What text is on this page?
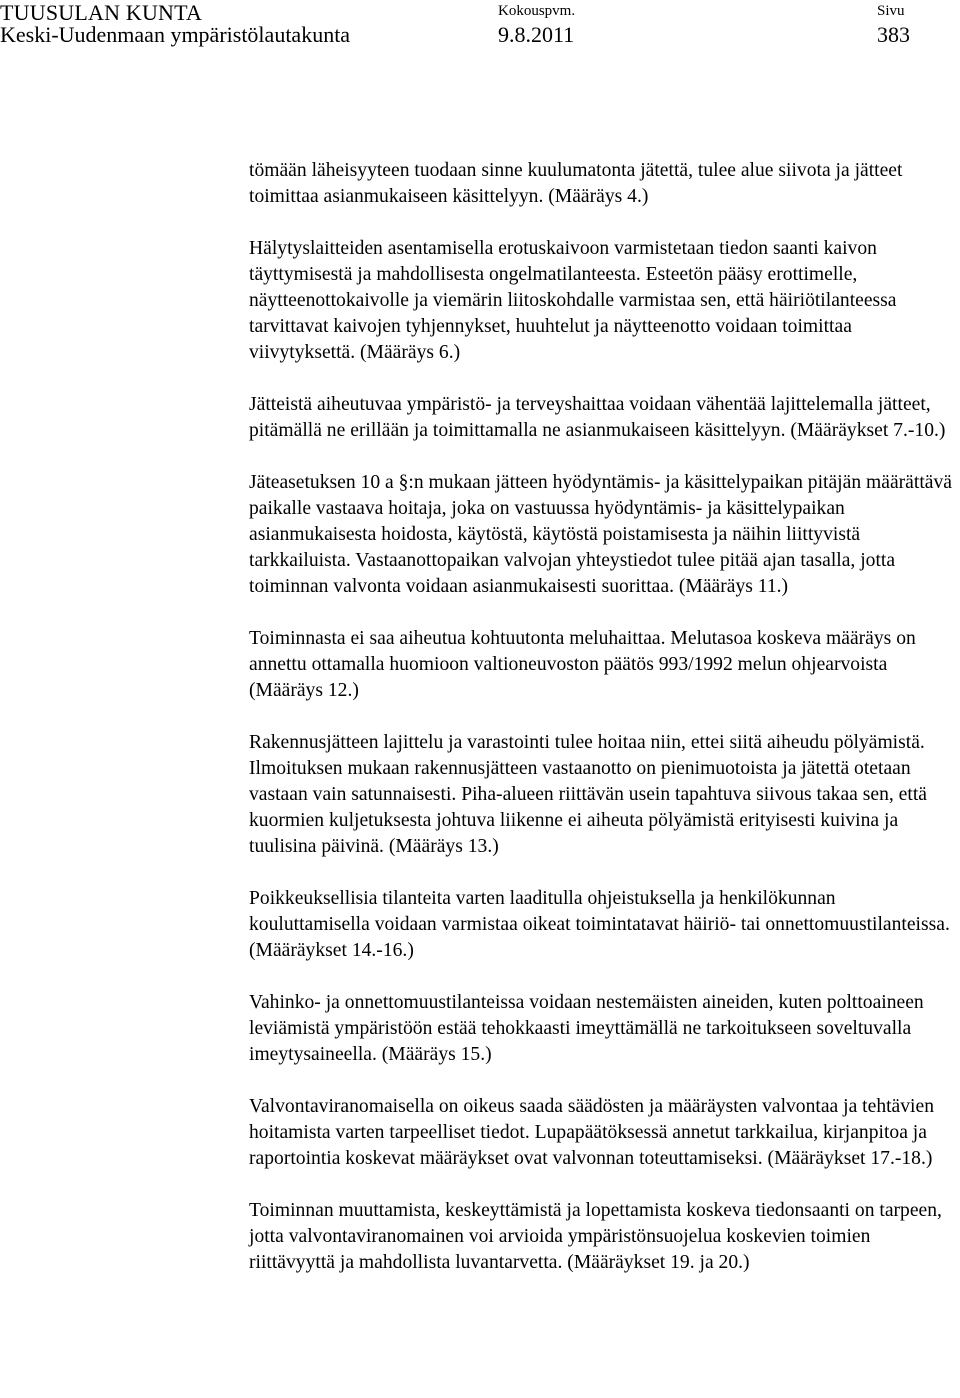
TUUSULAN KUNTA
Keski-Uudenmaan ympäristölautakunta
Kokouspvm.
9.8.2011
Sivu
383

tömään läheisyyteen tuodaan sinne kuulumatonta jätettä, tulee alue siivota ja jätteet toimittaa asianmukaiseen käsittelyyn. (Määräys 4.)

Hälytyslaitteiden asentamisella erotuskaivoon varmistetaan tiedon saanti kaivon täyttymisestä ja mahdollisesta ongelmatilanteesta. Esteetön pääsy erottimelle, näytteenottokaivolle ja viemärin liitoskohdalle varmistaa sen, että häiriötilanteessa tarvittavat kaivojen tyhjennykset, huuhtelut ja näytteenotto voidaan toimittaa viivytyksettä. (Määräys 6.)

Jätteistä aiheutuvaa ympäristö- ja terveyshaittaa voidaan vähentää lajittelemalla jätteet, pitämällä ne erillään ja toimittamalla ne asianmukaiseen käsittelyyn. (Määräykset 7.-10.)

Jäteasetuksen 10 a §:n mukaan jätteen hyödyntämis- ja käsittelypaikan pitäjän määrättävä paikalle vastaava hoitaja, joka on vastuussa hyödyntämis- ja käsittelypaikan asianmukaisesta hoidosta, käytöstä, käytöstä poistamisesta ja näihin liittyvistä tarkkailuista. Vastaanottopaikan valvojan yhteystiedot tulee pitää ajan tasalla, jotta toiminnan valvonta voidaan asianmukaisesti suorittaa. (Määräys 11.)

Toiminnasta ei saa aiheutua kohtuutonta meluhaittaa. Melutasoa koskeva määräys on annettu ottamalla huomioon valtioneuvoston päätös 993/1992 melun ohjearvoista (Määräys 12.)

Rakennusjätteen lajittelu ja varastointi tulee hoitaa niin, ettei siitä aiheudu pölyämistä. Ilmoituksen mukaan rakennusjätteen vastaanotto on pienimuotoista ja jätettä otetaan vastaan vain satunnaisesti. Piha-alueen riittävän usein tapahtuva siivous takaa sen, että kuormien kuljetuksesta johtuva liikenne ei aiheuta pölyämistä erityisesti kuivina ja tuulisina päivinä. (Määräys 13.)

Poikkeuksellisia tilanteita varten laaditulla ohjeistuksella ja henkilökunnan kouluttamisella voidaan varmistaa oikeat toimintatavat häiriö- tai onnettomuustilanteissa. (Määräykset 14.-16.)

Vahinko- ja onnettomuustilanteissa voidaan nestemäisten aineiden, kuten polttoaineen leviämistä ympäristöön estää tehokkaasti imeyttämällä ne tarkoitukseen soveltuvalla imeytysaineella. (Määräys 15.)

Valvontaviranomaisella on oikeus saada säädösten ja määräysten valvontaa ja tehtävien hoitamista varten tarpeelliset tiedot. Lupapäätöksessä annetut tarkkailua, kirjanpitoa ja raportointia koskevat määräykset ovat valvonnan toteuttamiseksi. (Määräykset 17.-18.)

Toiminnan muuttamista, keskeyttämistä ja lopettamista koskeva tiedonsaanti on tarpeen, jotta valvontaviranomainen voi arvioida ympäristönsuojelua koskevien toimien riittävyyttä ja mahdollista luvantarvetta. (Määräykset 19. ja 20.)
